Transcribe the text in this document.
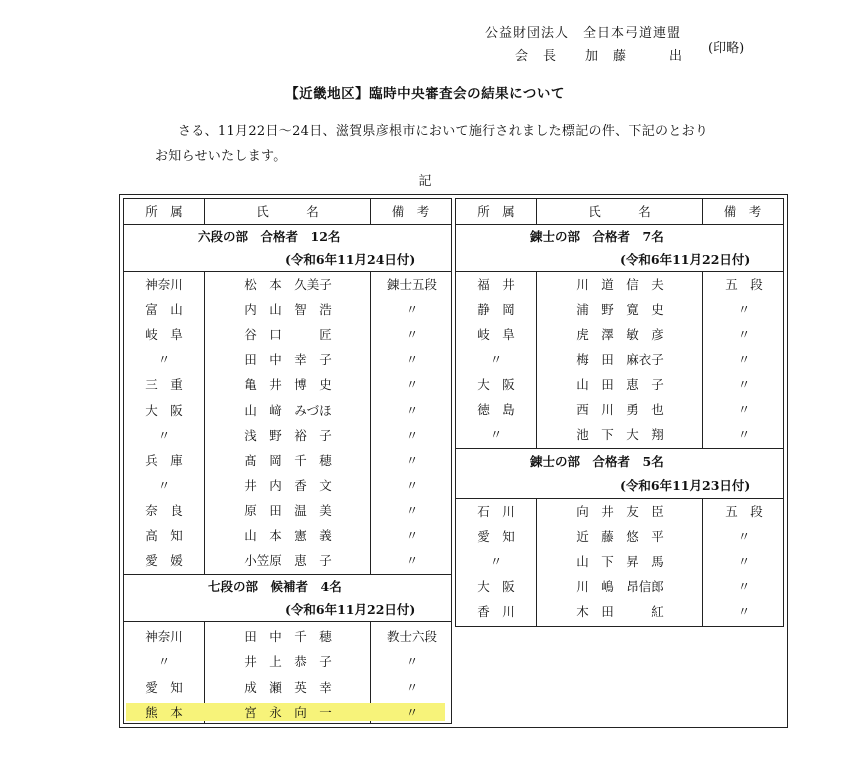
公益財団法人　全日本弓道連盟
会　長　　加　藤　　　出
(印略)
【近畿地区】臨時中央審査会の結果について
さる、11月22日～24日、滋賀県彦根市において施行されました標記の件、下記のとおり
お知らせいたします。
記
所　属	氏　　　名	備　考	所　属	氏　　　名	備　考
六段の部　合格者　12名
(令和6年11月24日付)
七段の部　候補者　4名
(令和6年11月22日付)
錬士の部　合格者　7名
(令和6年11月22日付)
錬士の部　合格者　5名
(令和6年11月23日付)
神奈川	松　本　久美子	錬士五段
富　山	内　山　智　浩	〃
岐　阜	谷　口　　　匠	〃
〃	田　中　幸　子	〃
三　重	亀　井　博　史	〃
大　阪	山　﨑　みづほ	〃
〃	浅　野　裕　子	〃
兵　庫	髙　岡　千　穂	〃
〃	井　内　香　文	〃
奈　良	原　田　温　美	〃
高　知	山　本　憲　義	〃
愛　媛	小笠原　恵　子	〃
神奈川	田　中　千　穂	教士六段
〃	井　上　恭　子	〃
愛　知	成　瀬　英　幸	〃
熊　本	宮　永　向　一	〃
福　井	川　道　信　夫	五　段
静　岡	浦　野　寛　史	〃
岐　阜	虎　澤　敏　彦	〃
〃	梅　田　麻衣子	〃
大　阪	山　田　恵　子	〃
徳　島	西　川　勇　也	〃
〃	池　下　大　翔	〃
石　川	向　井　友　臣	五　段
愛　知	近　藤　悠　平	〃
〃	山　下　昇　馬	〃
大　阪	川　嶋　昂信郎	〃
香　川	木　田　　　紅	〃
